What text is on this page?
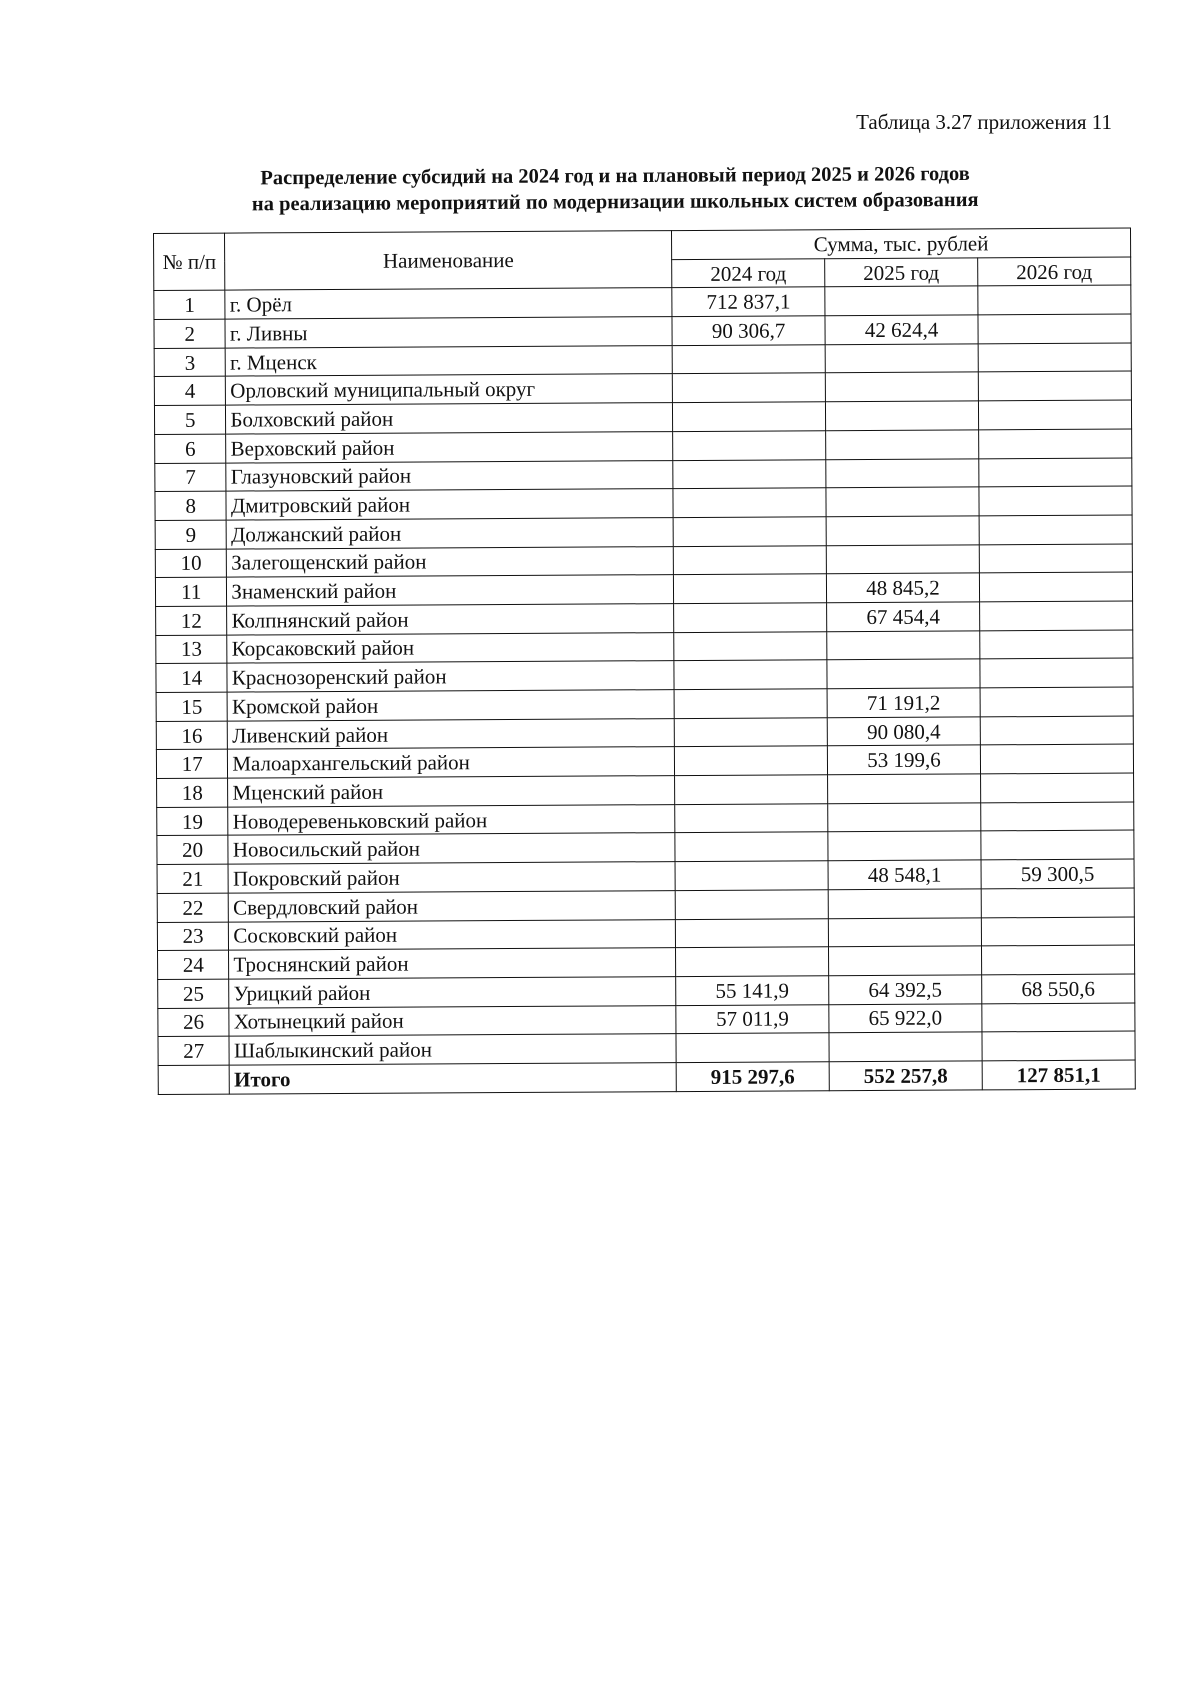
Таблица 3.27 приложения 11
Распределение субсидий на 2024 год и на плановый период 2025 и 2026 годов
на реализацию мероприятий по модернизации школьных систем образования
№ п/п	Наименование	Сумма, тыс. рублей		
		2024 год	2025 год	2026 год
1	г. Орёл	712 837,1		
2	г. Ливны	90 306,7	42 624,4	
3	г. Мценск			
4	Орловский муниципальный округ			
5	Болховский район			
6	Верховский район			
7	Глазуновский район			
8	Дмитровский район			
9	Должанский район			
10	Залегощенский район			
11	Знаменский район		48 845,2	
12	Колпнянский район		67 454,4	
13	Корсаковский район			
14	Краснозоренский район			
15	Кромской район		71 191,2	
16	Ливенский район		90 080,4	
17	Малоархангельский район		53 199,6	
18	Мценский район			
19	Новодеревеньковский район			
20	Новосильский район			
21	Покровский район		48 548,1	59 300,5
22	Свердловский район			
23	Сосковский район			
24	Троснянский район			
25	Урицкий район	55 141,9	64 392,5	68 550,6
26	Хотынецкий район	57 011,9	65 922,0	
27	Шаблыкинский район			
	Итого	915 297,6	552 257,8	127 851,1
